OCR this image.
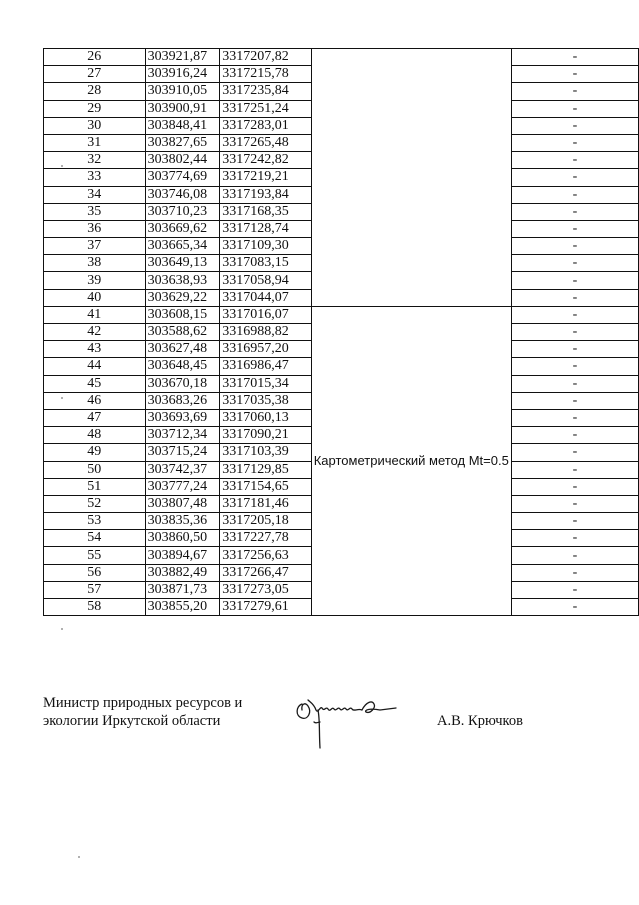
26	303921,87	3317207,82		-
27	303916,24	3317215,78		-
28	303910,05	3317235,84		-
29	303900,91	3317251,24		-
30	303848,41	3317283,01		-
31	303827,65	3317265,48		-
32	303802,44	3317242,82		-
33	303774,69	3317219,21		-
34	303746,08	3317193,84		-
35	303710,23	3317168,35		-
36	303669,62	3317128,74		-
37	303665,34	3317109,30		-
38	303649,13	3317083,15		-
39	303638,93	3317058,94		-
40	303629,22	3317044,07		-
41	303608,15	3317016,07	Картометрический метод Mt=0.5	-
42	303588,62	3316988,82		-
43	303627,48	3316957,20		-
44	303648,45	3316986,47		-
45	303670,18	3317015,34		-
46	303683,26	3317035,38		-
47	303693,69	3317060,13		-
48	303712,34	3317090,21		-
49	303715,24	3317103,39		-
50	303742,37	3317129,85		-
51	303777,24	3317154,65		-
52	303807,48	3317181,46		-
53	303835,36	3317205,18		-
54	303860,50	3317227,78		-
55	303894,67	3317256,63		-
56	303882,49	3317266,47		-
57	303871,73	3317273,05		-
58	303855,20	3317279,61		-
Министр природных ресурсов и
экологии Иркутской области	А.В. Крючков
